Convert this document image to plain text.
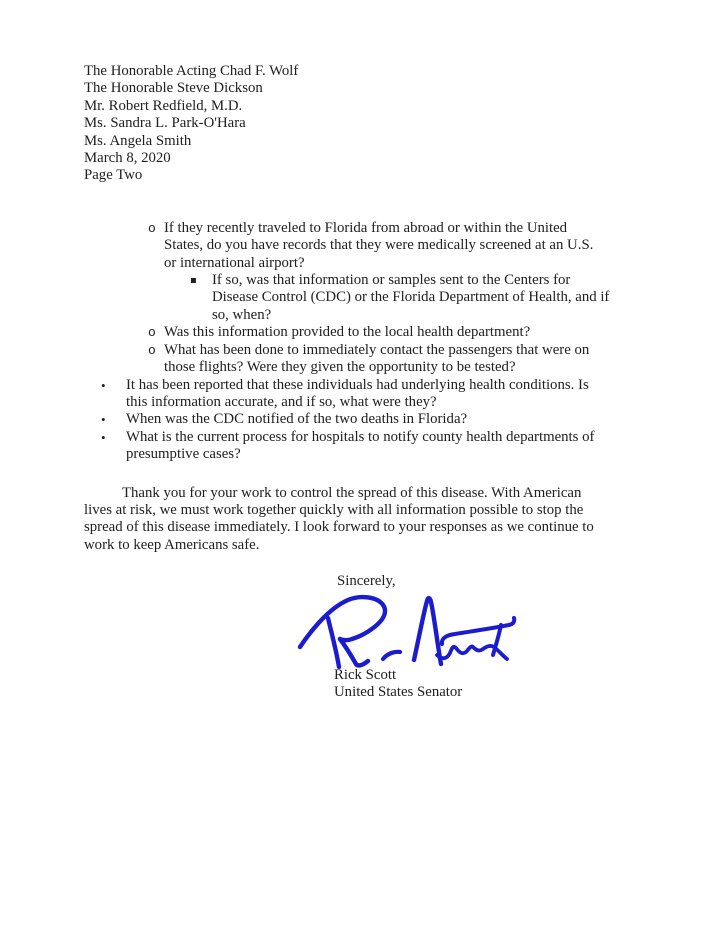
The Honorable Acting Chad F. Wolf
The Honorable Steve Dickson
Mr. Robert Redfield, M.D.
Ms. Sandra L. Park-O'Hara
Ms. Angela Smith
March 8, 2020
Page Two
o If they recently traveled to Florida from abroad or within the United
States, do you have records that they were medically screened at an U.S.
or international airport?
▪ If so, was that information or samples sent to the Centers for
Disease Control (CDC) or the Florida Department of Health, and if
so, when?
o Was this information provided to the local health department?
o What has been done to immediately contact the passengers that were on
those flights? Were they given the opportunity to be tested?
• It has been reported that these individuals had underlying health conditions. Is
this information accurate, and if so, what were they?
• When was the CDC notified of the two deaths in Florida?
• What is the current process for hospitals to notify county health departments of
presumptive cases?
Thank you for your work to control the spread of this disease. With American
lives at risk, we must work together quickly with all information possible to stop the
spread of this disease immediately. I look forward to your responses as we continue to
work to keep Americans safe.
Sincerely,
Rick Scott
United States Senator
